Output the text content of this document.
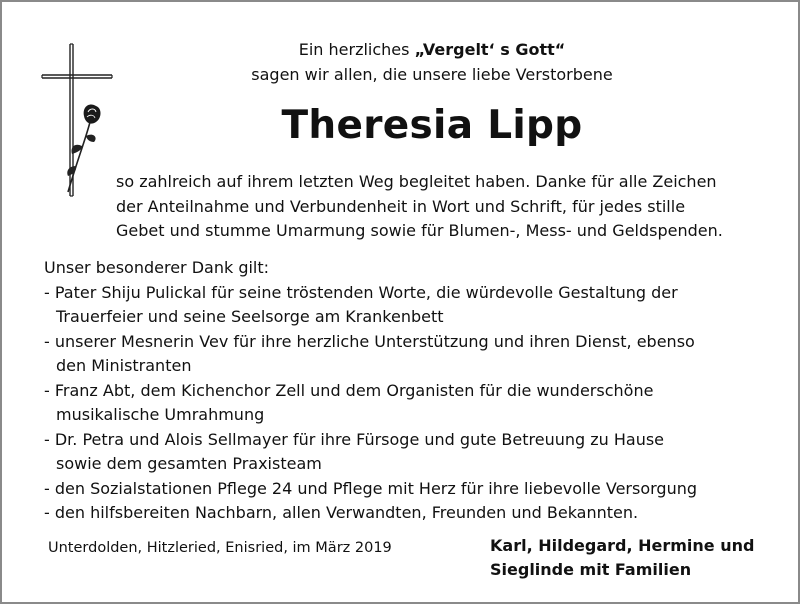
Ein herzliches „Vergelt‘ s Gott“
sagen wir allen, die unsere liebe Verstorbene
Theresia Lipp
so zahlreich auf ihrem letzten Weg begleitet haben. Danke für alle Zeichen
der Anteilnahme und Verbundenheit in Wort und Schrift, für jedes stille
Gebet und stumme Umarmung sowie für Blumen-, Mess- und Geldspenden.
Unser besonderer Dank gilt:
- Pater Shiju Pulickal für seine tröstenden Worte, die würdevolle Gestaltung der
Trauerfeier und seine Seelsorge am Krankenbett
- unserer Mesnerin Vev für ihre herzliche Unterstützung und ihren Dienst, ebenso
den Ministranten
- Franz Abt, dem Kichenchor Zell und dem Organisten für die wunderschöne
musikalische Umrahmung
- Dr. Petra und Alois Sellmayer für ihre Fürsoge und gute Betreuung zu Hause
sowie dem gesamten Praxisteam
- den Sozialstationen Pflege 24 und Pflege mit Herz für ihre liebevolle Versorgung
- den hilfsbereiten Nachbarn, allen Verwandten, Freunden und Bekannten.
Unterdolden, Hitzleried, Enisried, im März 2019	Karl, Hildegard, Hermine und
Sieglinde mit Familien
